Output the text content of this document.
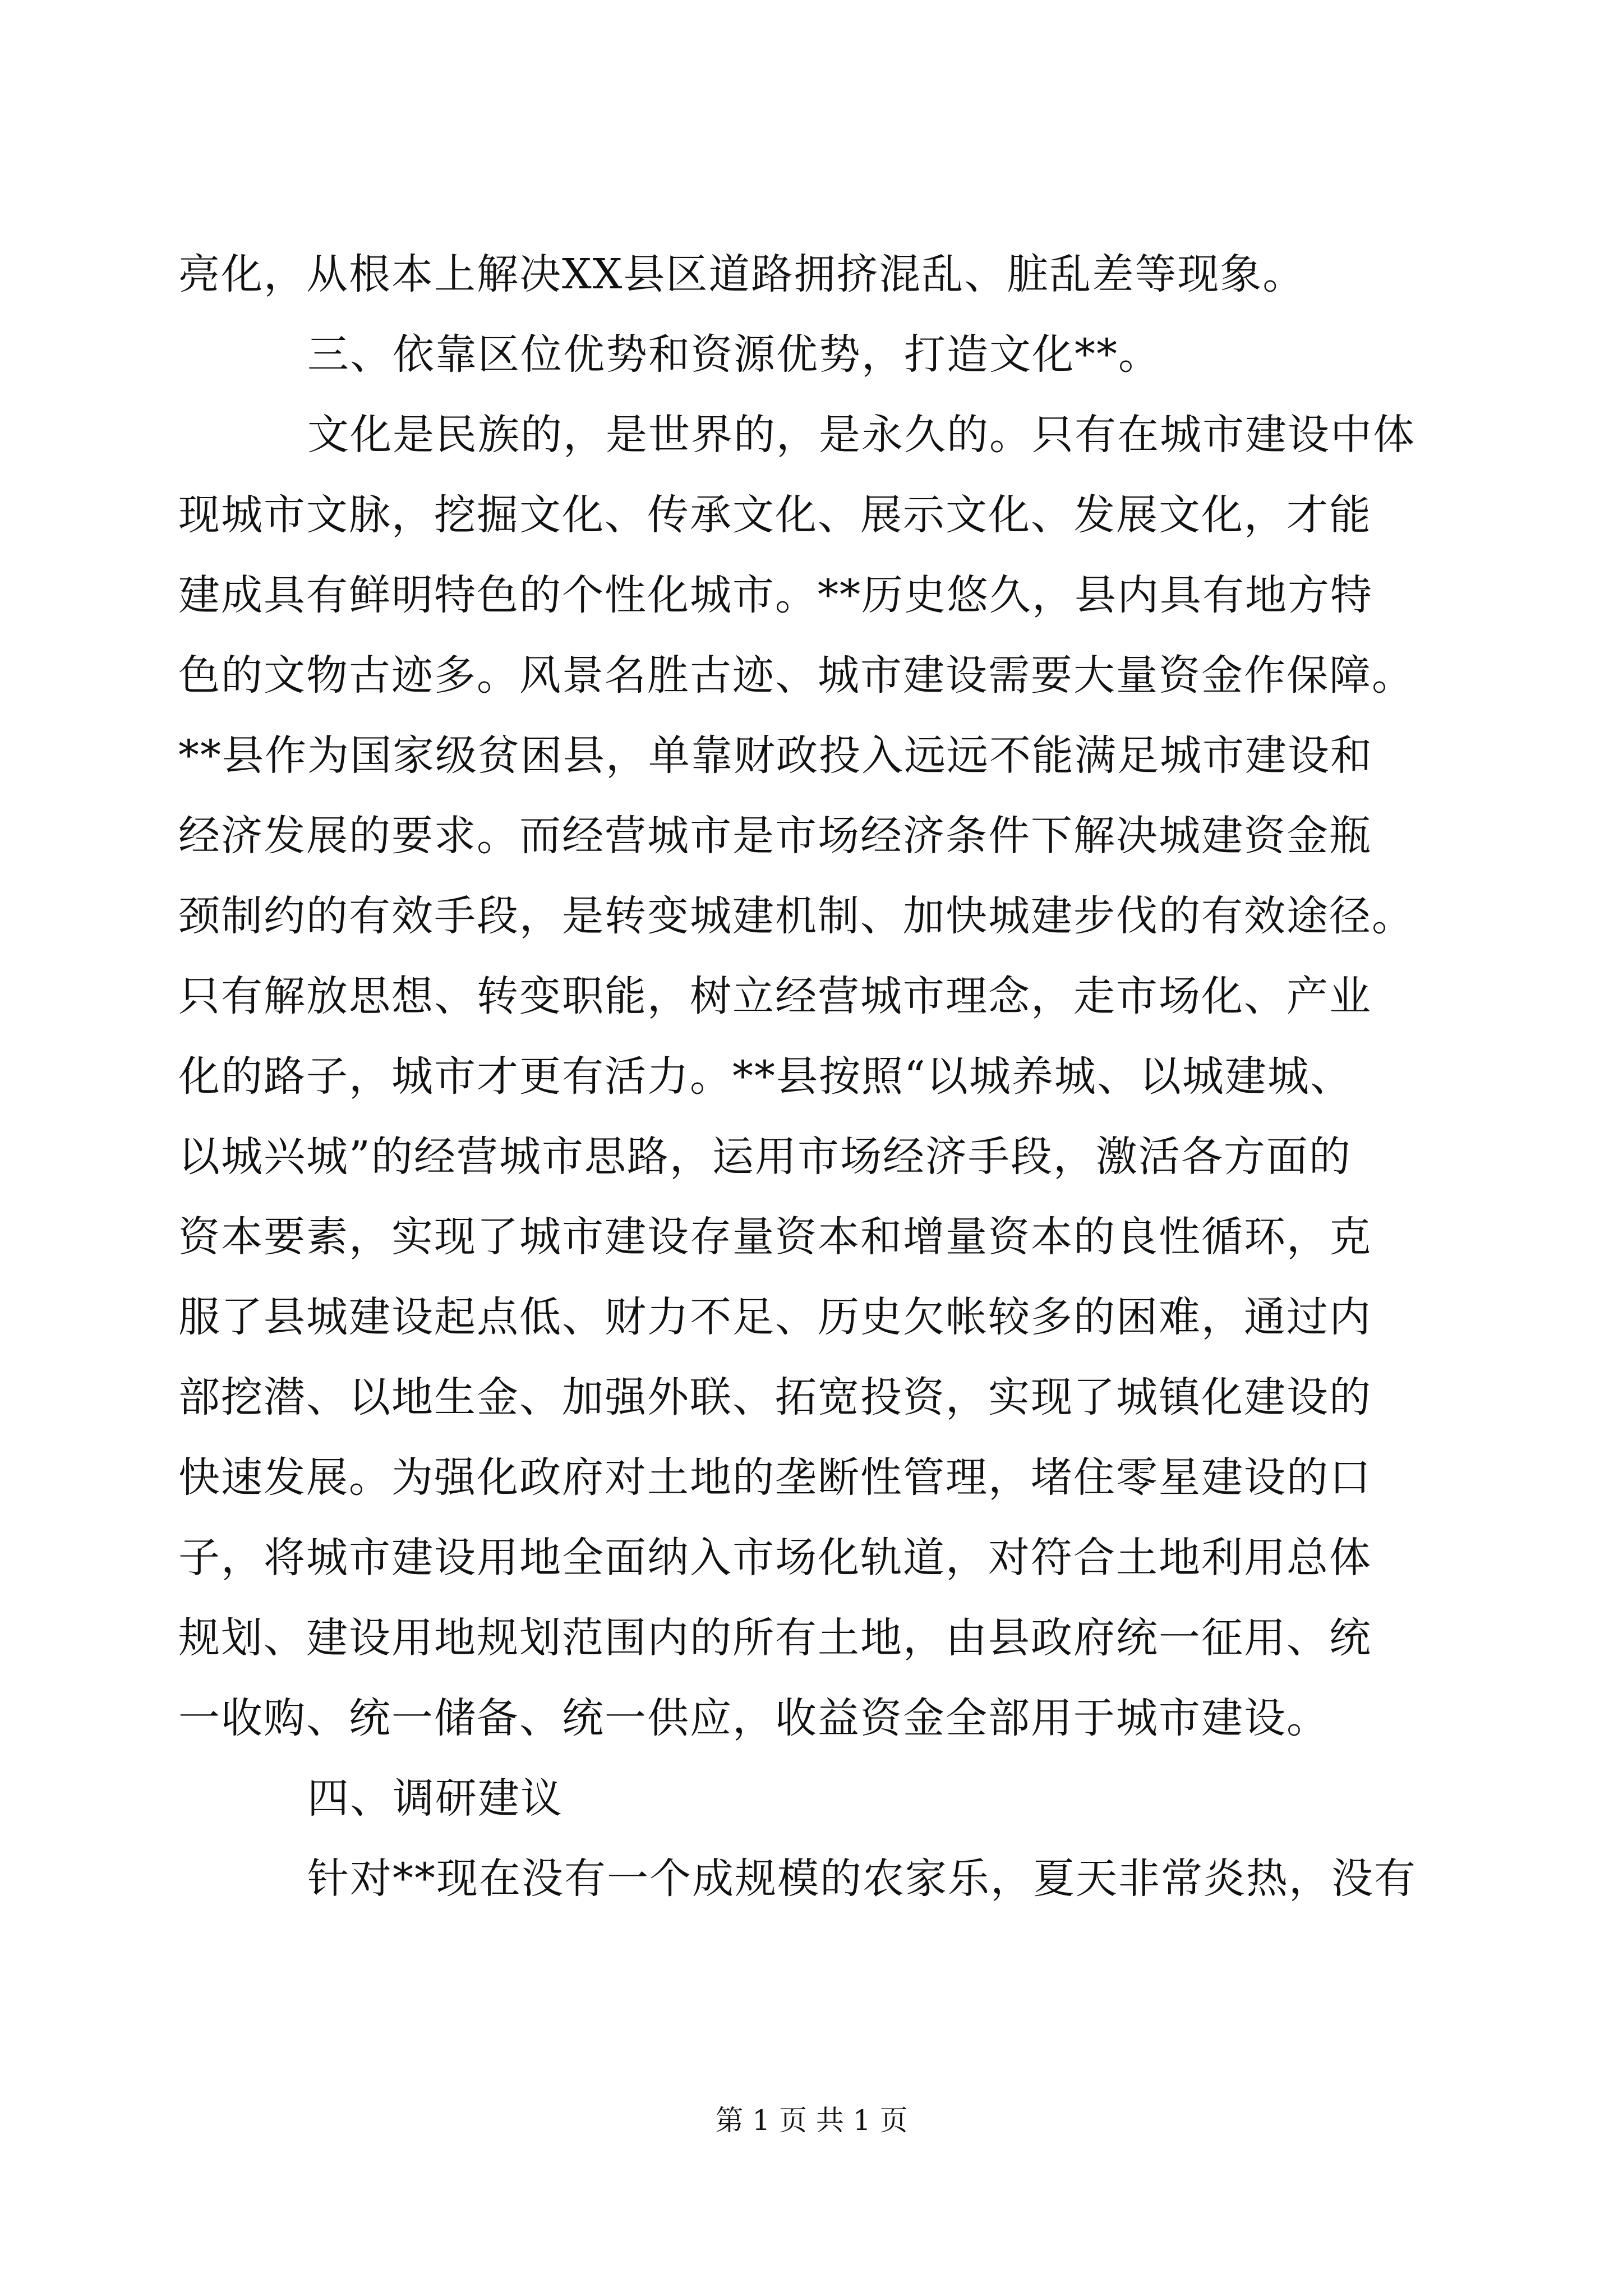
亮化，从根本上解决XX县区道路拥挤混乱、脏乱差等现象。
三、依靠区位优势和资源优势，打造文化**。
文化是民族的，是世界的，是永久的。只有在城市建设中体
现城市文脉，挖掘文化、传承文化、展示文化、发展文化，才能
建成具有鲜明特色的个性化城市。**历史悠久，县内具有地方特
色的文物古迹多。风景名胜古迹、城市建设需要大量资金作保障。
**县作为国家级贫困县，单靠财政投入远远不能满足城市建设和
经济发展的要求。而经营城市是市场经济条件下解决城建资金瓶
颈制约的有效手段，是转变城建机制、加快城建步伐的有效途径。
只有解放思想、转变职能，树立经营城市理念，走市场化、产业
化的路子，城市才更有活力。**县按照“以城养城、以城建城、
以城兴城”的经营城市思路，运用市场经济手段，激活各方面的
资本要素，实现了城市建设存量资本和增量资本的良性循环，克
服了县城建设起点低、财力不足、历史欠帐较多的困难，通过内
部挖潜、以地生金、加强外联、拓宽投资，实现了城镇化建设的
快速发展。为强化政府对土地的垄断性管理，堵住零星建设的口
子，将城市建设用地全面纳入市场化轨道，对符合土地利用总体
规划、建设用地规划范围内的所有土地，由县政府统一征用、统
一收购、统一储备、统一供应，收益资金全部用于城市建设。
四、调研建议
针对**现在没有一个成规模的农家乐，夏天非常炎热，没有
第 1 页 共 1 页
